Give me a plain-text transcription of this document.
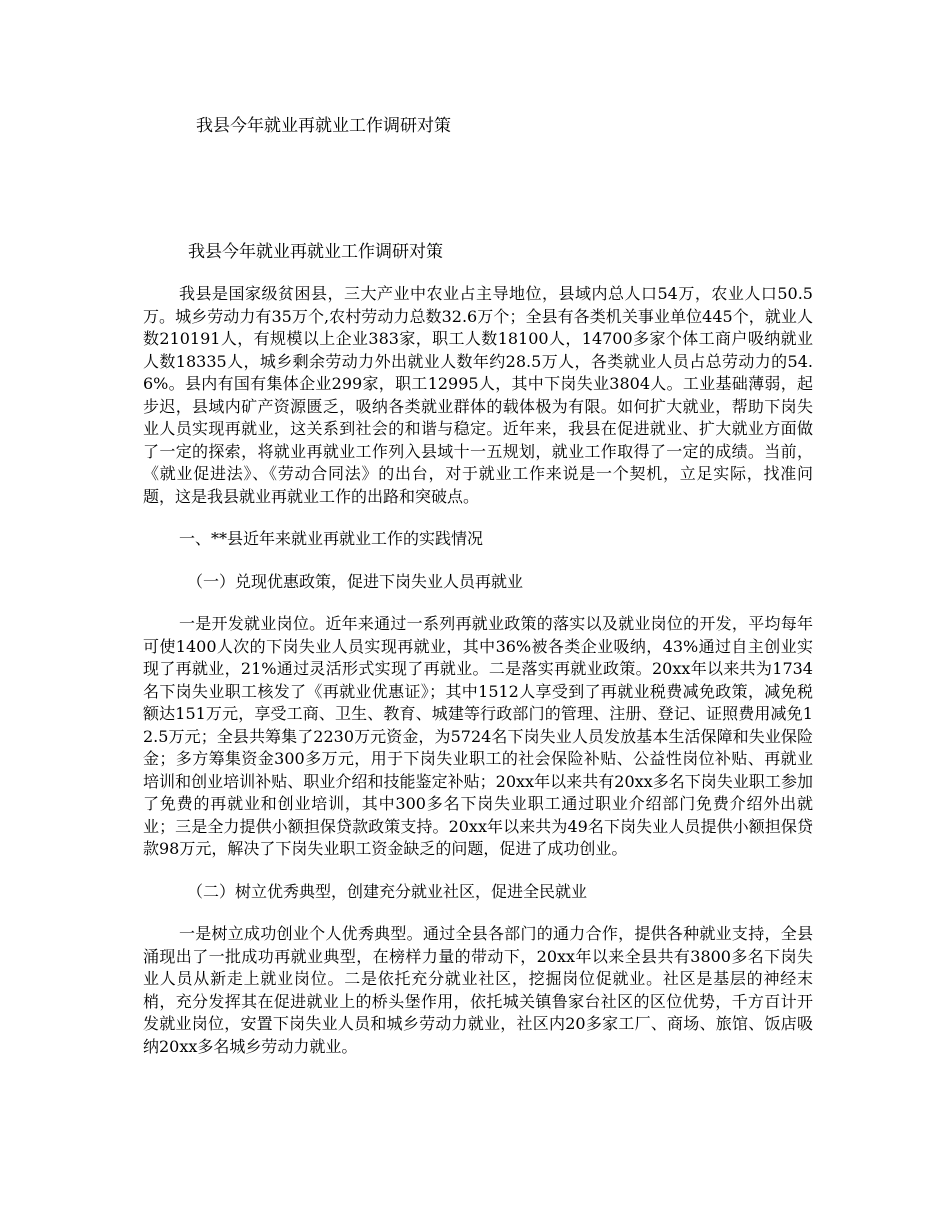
我县今年就业再就业工作调研对策
我县今年就业再就业工作调研对策

我县是国家级贫困县，三大产业中农业占主导地位，县域内总人口54万，农业人口50.5万。城乡劳动力有35万个,农村劳动力总数32.6万个；全县有各类机关事业单位445个，就业人数210191人，有规模以上企业383家，职工人数18100人，14700多家个体工商户吸纳就业人数18335人，城乡剩余劳动力外出就业人数年约28.5万人，各类就业人员占总劳动力的54.6%。县内有国有集体企业299家，职工12995人，其中下岗失业3804人。工业基础薄弱，起步迟，县域内矿产资源匮乏，吸纳各类就业群体的载体极为有限。如何扩大就业，帮助下岗失业人员实现再就业，这关系到社会的和谐与稳定。近年来，我县在促进就业、扩大就业方面做了一定的探索，将就业再就业工作列入县域十一五规划，就业工作取得了一定的成绩。当前，《就业促进法》、《劳动合同法》的出台，对于就业工作来说是一个契机，立足实际，找准问题，这是我县就业再就业工作的出路和突破点。

一、**县近年来就业再就业工作的实践情况

（一）兑现优惠政策，促进下岗失业人员再就业

一是开发就业岗位。近年来通过一系列再就业政策的落实以及就业岗位的开发，平均每年可使1400人次的下岗失业人员实现再就业，其中36%被各类企业吸纳，43%通过自主创业实现了再就业，21%通过灵活形式实现了再就业。二是落实再就业政策。20xx年以来共为1734名下岗失业职工核发了《再就业优惠证》；其中1512人享受到了再就业税费减免政策，减免税额达151万元，享受工商、卫生、教育、城建等行政部门的管理、注册、登记、证照费用减免12.5万元；全县共筹集了2230万元资金，为5724名下岗失业人员发放基本生活保障和失业保险金；多方筹集资金300多万元，用于下岗失业职工的社会保险补贴、公益性岗位补贴、再就业培训和创业培训补贴、职业介绍和技能鉴定补贴；20xx年以来共有20xx多名下岗失业职工参加了免费的再就业和创业培训，其中300多名下岗失业职工通过职业介绍部门免费介绍外出就业；三是全力提供小额担保贷款政策支持。20xx年以来共为49名下岗失业人员提供小额担保贷款98万元，解决了下岗失业职工资金缺乏的问题，促进了成功创业。

（二）树立优秀典型，创建充分就业社区，促进全民就业

一是树立成功创业个人优秀典型。通过全县各部门的通力合作，提供各种就业支持，全县涌现出了一批成功再就业典型，在榜样力量的带动下，20xx年以来全县共有3800多名下岗失业人员从新走上就业岗位。二是依托充分就业社区，挖掘岗位促就业。社区是基层的神经末梢，充分发挥其在促进就业上的桥头堡作用，依托城关镇鲁家台社区的区位优势，千方百计开发就业岗位，安置下岗失业人员和城乡劳动力就业，社区内20多家工厂、商场、旅馆、饭店吸纳20xx多名城乡劳动力就业。
